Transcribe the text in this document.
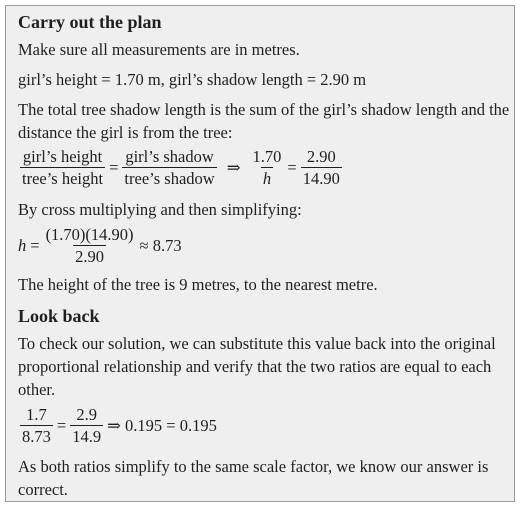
Carry out the plan
Make sure all measurements are in metres.
girl’s height = 1.70 m, girl’s shadow length = 2.90 m
The total tree shadow length is the sum of the girl’s shadow length and the
distance the girl is from the tree:
$\frac{\text{girl’s height}}{\text{tree’s height}} = \frac{\text{girl’s shadow}}{\text{tree’s shadow}}$ ⇒ $\frac{1.70}{h} = \frac{2.90}{14.90}$
By cross multiplying and then simplifying:
$h = \frac{(1.70)(14.90)}{2.90} \approx 8.73$
The height of the tree is 9 metres, to the nearest metre.
Look back
To check our solution, we can substitute this value back into the original
proportional relationship and verify that the two ratios are equal to each
other.
$\frac{1.7}{8.73} = \frac{2.9}{14.9}$ ⇒ 0.195 = 0.195
As both ratios simplify to the same scale factor, we know our answer is
correct.
